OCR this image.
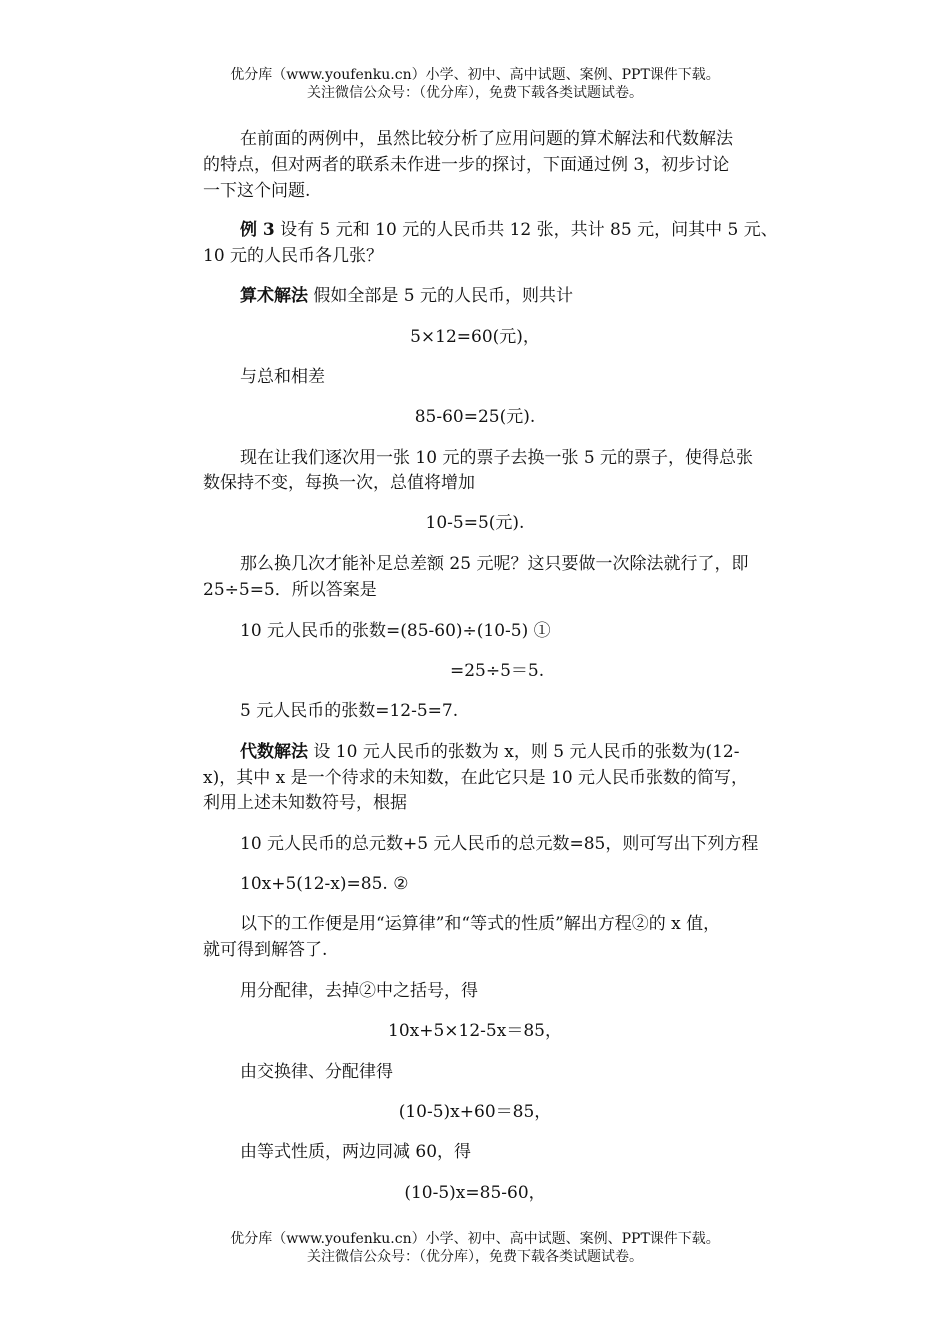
优分库（www.youfenku.cn）小学、初中、高中试题、案例、PPT课件下载。
关注微信公众号：（优分库），免费下载各类试题试卷。
在前面的两例中，虽然比较分析了应用问题的算术解法和代数解法
的特点，但对两者的联系未作进一步的探讨，下面通过例 3，初步讨论
一下这个问题.
例 3 设有 5 元和 10 元的人民币共 12 张，共计 85 元，问其中 5 元、
10 元的人民币各几张？
算术解法 假如全部是 5 元的人民币，则共计
5×12=60(元)，
与总和相差
85-60=25(元).
现在让我们逐次用一张 10 元的票子去换一张 5 元的票子，使得总张
数保持不变，每换一次，总值将增加
10-5=5(元).
那么换几次才能补足总差额 25 元呢？这只要做一次除法就行了，即
25÷5=5．所以答案是
10 元人民币的张数=(85-60)÷(10-5) ①
=25÷5＝5.
5 元人民币的张数=12-5=7.
代数解法 设 10 元人民币的张数为 x，则 5 元人民币的张数为(12-
x)，其中 x 是一个待求的未知数，在此它只是 10 元人民币张数的简写，
利用上述未知数符号，根据
10 元人民币的总元数+5 元人民币的总元数=85，则可写出下列方程
10x+5(12-x)=85. ②
以下的工作便是用“运算律”和“等式的性质”解出方程②的 x 值，
就可得到解答了.
用分配律，去掉②中之括号，得
10x+5×12-5x＝85，
由交换律、分配律得
(10-5)x+60＝85，
由等式性质，两边同减 60，得
(10-5)x=85-60，
优分库（www.youfenku.cn）小学、初中、高中试题、案例、PPT课件下载。
关注微信公众号：（优分库），免费下载各类试题试卷。
